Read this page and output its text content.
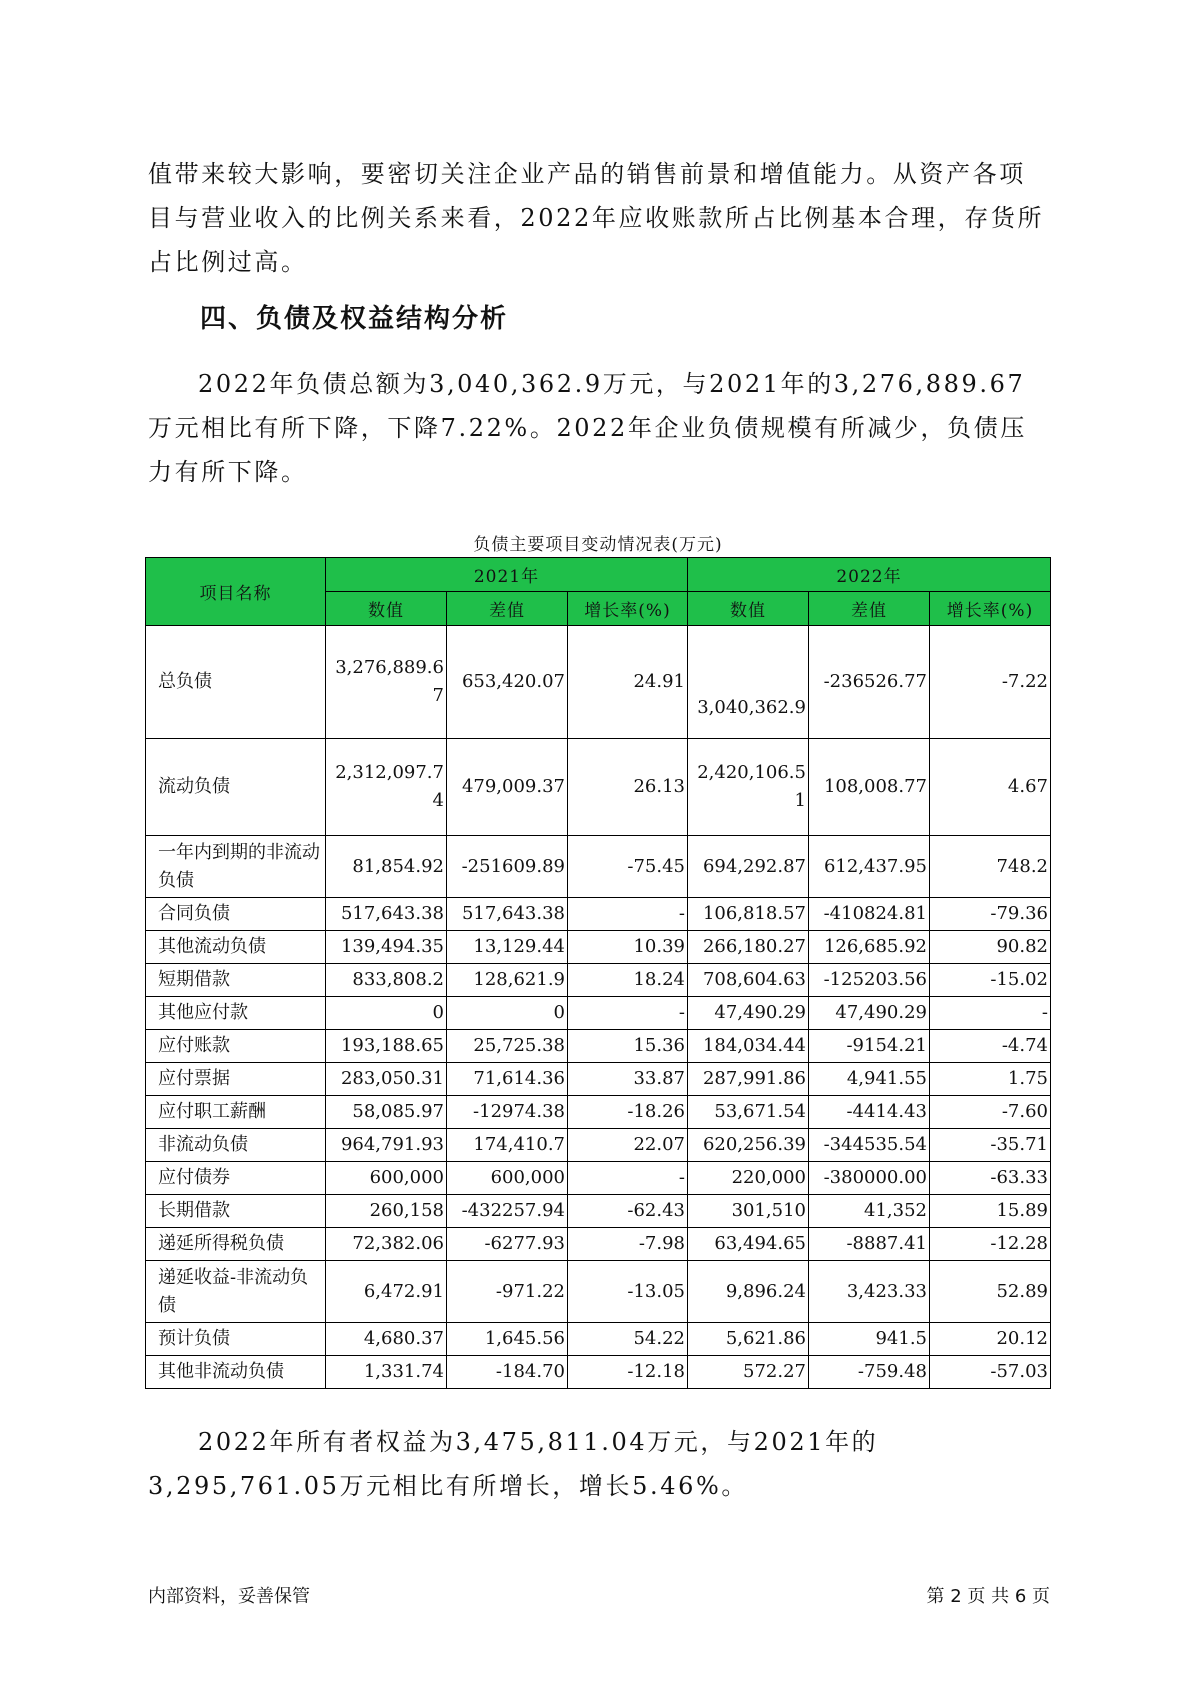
值带来较大影响，要密切关注企业产品的销售前景和增值能力。从资产各项目与营业收入的比例关系来看，2022年应收账款所占比例基本合理，存货所占比例过高。

四、负债及权益结构分析

2022年负债总额为3,040,362.9万元，与2021年的3,276,889.67万元相比有所下降，下降7.22%。2022年企业负债规模有所减少，负债压力有所下降。

负债主要项目变动情况表(万元)
项目名称	2021年			2022年		
	数值	差值	增长率(%)	数值	差值	增长率(%)
总负债	3,276,889.67	653,420.07	24.91	3,040,362.9	-236526.77	-7.22
流动负债	2,312,097.74	479,009.37	26.13	2,420,106.51	108,008.77	4.67
一年内到期的非流动负债	81,854.92	-251609.89	-75.45	694,292.87	612,437.95	748.2
合同负债	517,643.38	517,643.38	-	106,818.57	-410824.81	-79.36
其他流动负债	139,494.35	13,129.44	10.39	266,180.27	126,685.92	90.82
短期借款	833,808.2	128,621.9	18.24	708,604.63	-125203.56	-15.02
其他应付款	0	0	-	47,490.29	47,490.29	-
应付账款	193,188.65	25,725.38	15.36	184,034.44	-9154.21	-4.74
应付票据	283,050.31	71,614.36	33.87	287,991.86	4,941.55	1.75
应付职工薪酬	58,085.97	-12974.38	-18.26	53,671.54	-4414.43	-7.60
非流动负债	964,791.93	174,410.7	22.07	620,256.39	-344535.54	-35.71
应付债券	600,000	600,000	-	220,000	-380000.00	-63.33
长期借款	260,158	-432257.94	-62.43	301,510	41,352	15.89
递延所得税负债	72,382.06	-6277.93	-7.98	63,494.65	-8887.41	-12.28
递延收益-非流动负债	6,472.91	-971.22	-13.05	9,896.24	3,423.33	52.89
预计负债	4,680.37	1,645.56	54.22	5,621.86	941.5	20.12
其他非流动负债	1,331.74	-184.70	-12.18	572.27	-759.48	-57.03

2022年所有者权益为3,475,811.04万元，与2021年的3,295,761.05万元相比有所增长，增长5.46%。

内部资料，妥善保管	第 2 页 共 6 页
